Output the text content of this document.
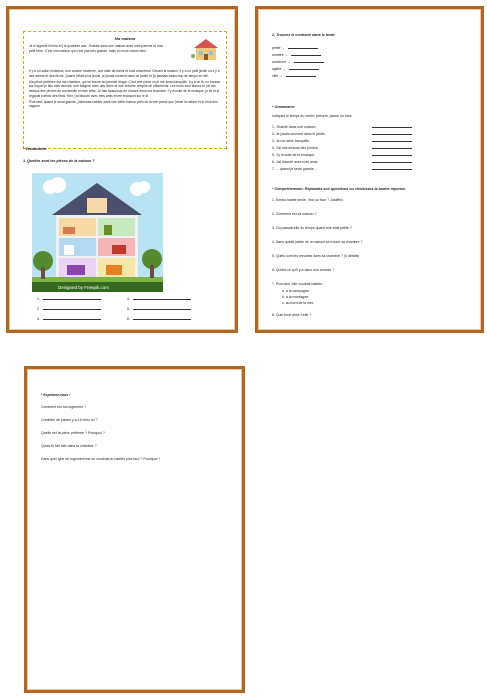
Ma maison

Je m'appelle Emma et j'ai quatorze ans. J'habite dans une maison avec mes parents et mon petit frère. C'est une maison qui n'est pas très grande, mais où nous vivons bien.

Il y a un salon lumineux, une cuisine moderne, une salle de bains et trois chambres. Devant la maison, il y a un petit jardin où il y a des arbres et des fleurs. Quand j'étais plus jeune, je jouais souvent dans ce jardin et j'y passais beaucoup de temps en été.

Ma pièce préférée est ma chambre, qui se trouve au premier étage. C'est une pièce où je me sens tranquille. Il y a un lit, un bureau sur lequel je fais mes devoirs, une étagère avec des livres et une armoire remplie de vêtements. Les murs sont blancs et j'ai mis dessus des photos de ma famille et mes amis. Je fais beaucoup de choses dans ma chambre. J'y écoute de la musique, je lis et je regarde parfois des films. Hier, j'ai discuté avec mes amis et me reposant sur le lit.

Plus tard, quand je serai grande, j'aimerais habiter dans une belle maison près de la mer parce que j'aime la nature et le bruit des vagues.

* Vocabulaire:
1. Quelles sont les pièces de la maison ?
Designed by Freepik.com
1.
2.
3.
4.
5.
6.
2. Trouvez le contraire dans le texte.
petite →
sombre →
ancienne →
agitée →
ville →
* Grammaire:
Indiquez le temps du verbe: présent, passé ou futur.
1. J'habite dans une maison.
2. Je jouais souvent dans le jardin.
3. Je me sens tranquille.
4. J'ai mis dessus des photos.
5. J'y écoute de la musique.
6. J'ai discuté avec mes amis.
7. ... quand je serai grande...
* Compréhension: Répondez aux questions ou choisissez la bonne réponse.
1. Emma habite seule. Vrai ou faux ? Justifiez.
2. Comment est sa maison ?
3. Où passait-elle du temps quand elle était petite ?
4. Dans quelle partie de la maison se trouve sa chambre ?
5. Quels sont les meubles dans sa chambre ? (4 détails)
6. Qu'est-ce qu'il y a dans son armoire ?
7. Plus tard, elle voudrait habiter...
a. à la campagne.
b. à la montagne.
c. au bord de la mer.
8. Quel bruit aime-t-elle ?
* Exprimez-vous !
Comment est ton logement ?
Combien de pièces y a-t-il chez toi ?
Quelle est ta pièce préférée ? Pourquoi ?
Qu'as-tu fait hier dans ta chambre ?
Dans quel type de logement est où voudrais-tu habiter plus tard ? Pourquoi ?
